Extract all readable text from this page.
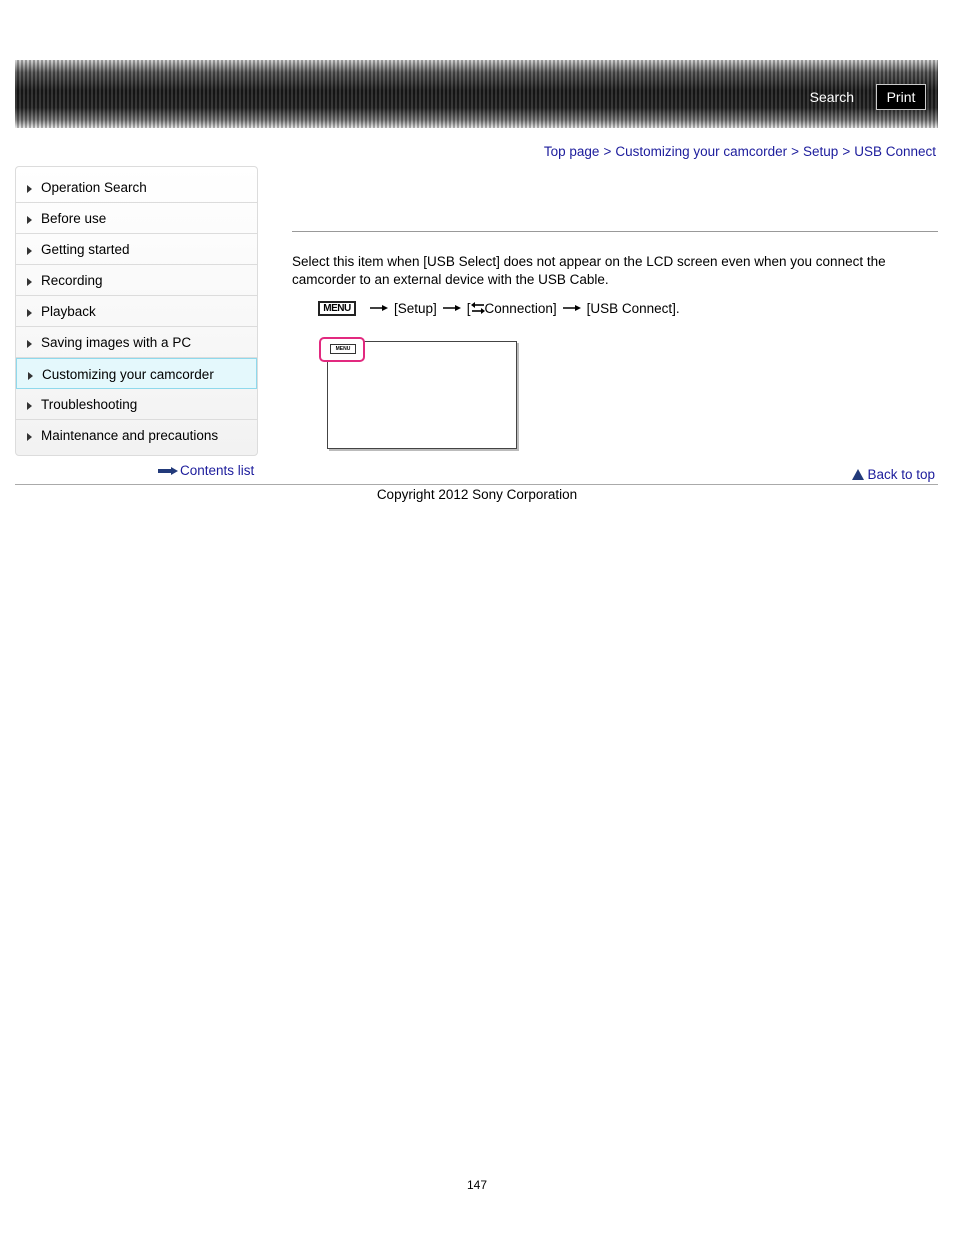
Search	Print
Top page > Customizing your camcorder > Setup > USB Connect
Operation Search
Before use
Getting started
Recording
Playback
Saving images with a PC
Customizing your camcorder
Troubleshooting
Maintenance and precautions
Contents list
Select this item when [USB Select] does not appear on the LCD screen even when you connect the camcorder to an external device with the USB Cable.
MENU	[Setup] [ Connection] [USB Connect].
MENU
Back to top
Copyright 2012 Sony Corporation
147
